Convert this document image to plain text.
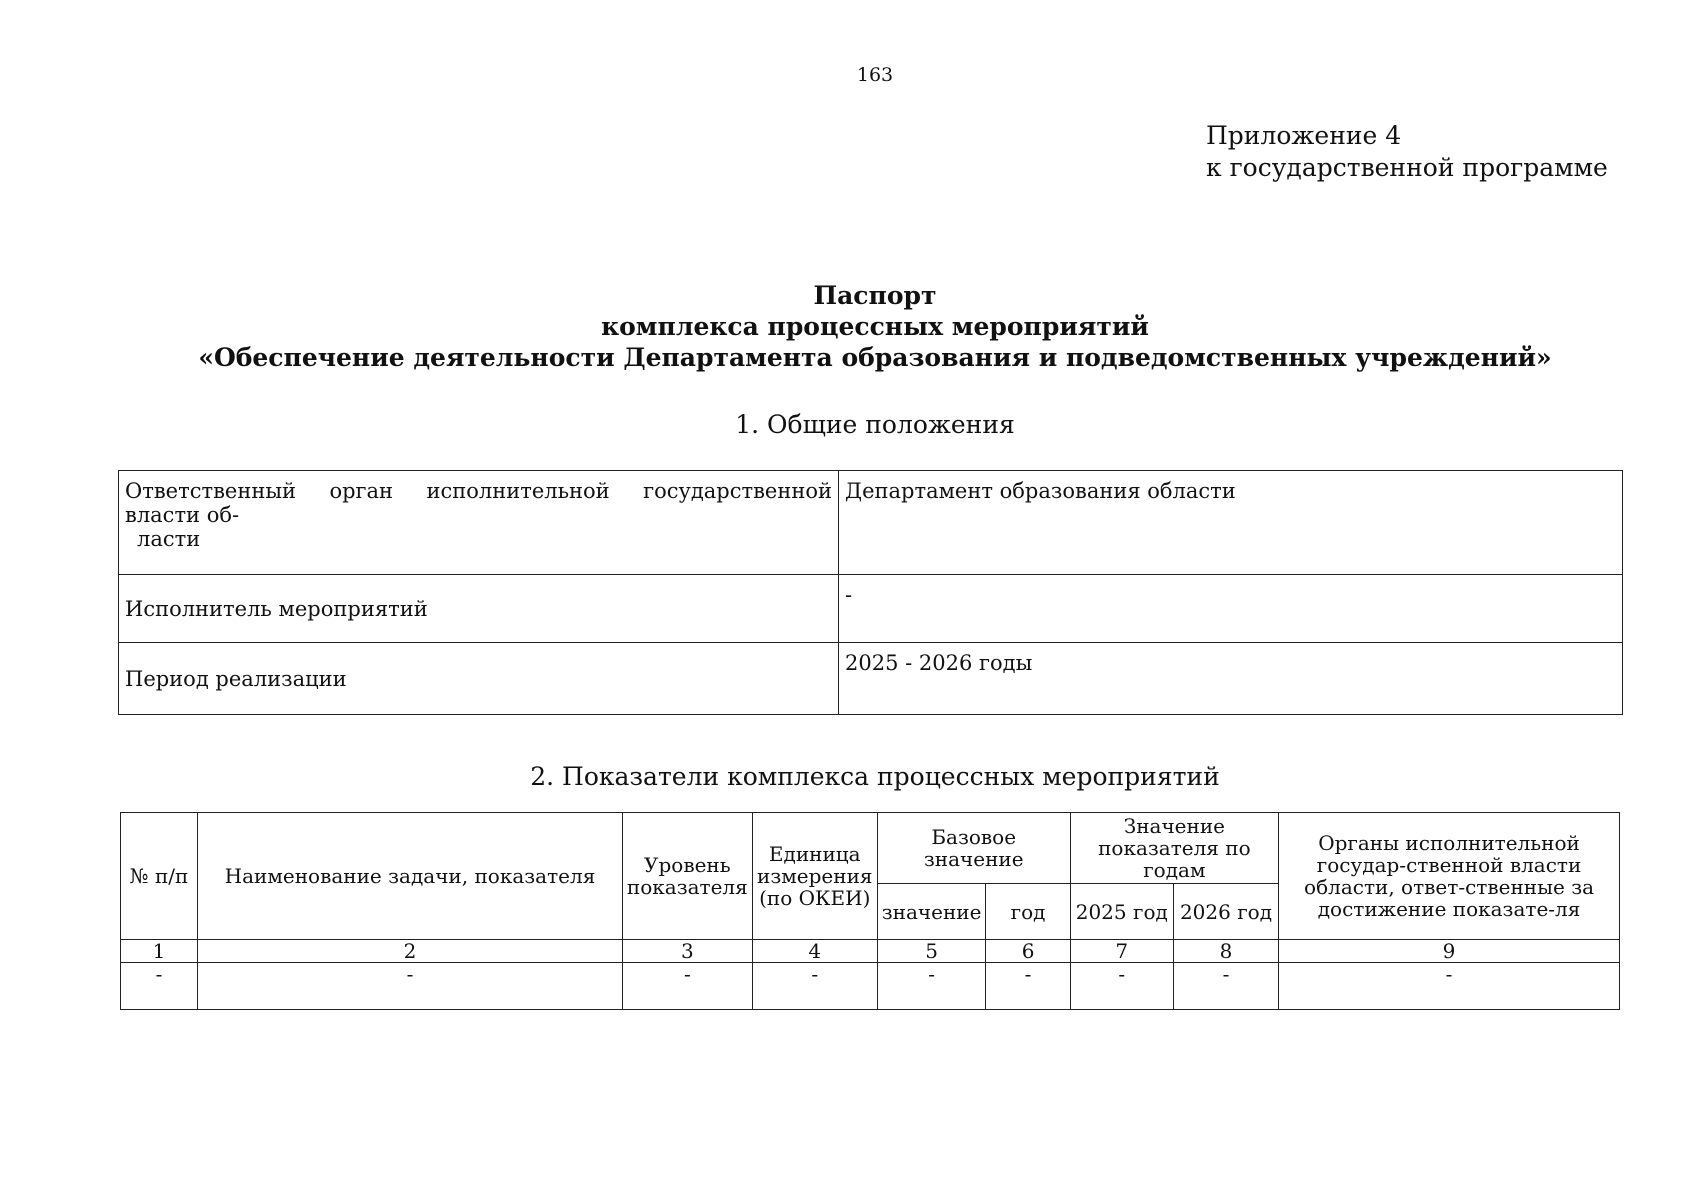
163
Приложение 4
к государственной программе
Паспорт
комплекса процессных мероприятий
«Обеспечение деятельности Департамента образования и подведомственных учреждений»
1. Общие положения
Ответственный орган исполнительной государственной власти об-
ласти	Департамент образования области

Исполнитель мероприятий	-

Период реализации	2025 - 2026 годы
2. Показатели комплекса процессных мероприятий
№ п/п	Наименование задачи, показателя	Уровень показателя	Единица измерения (по ОКЕИ)	Базовое значение		Значение показателя по годам		Органы исполнительной государ-ственной власти области, ответ-ственные за достижение показате-ля
				значение	год	2025 год	2026 год	
1	2	3	4	5	6	7	8	9
-	-	-	-	-	-	-	-	-
